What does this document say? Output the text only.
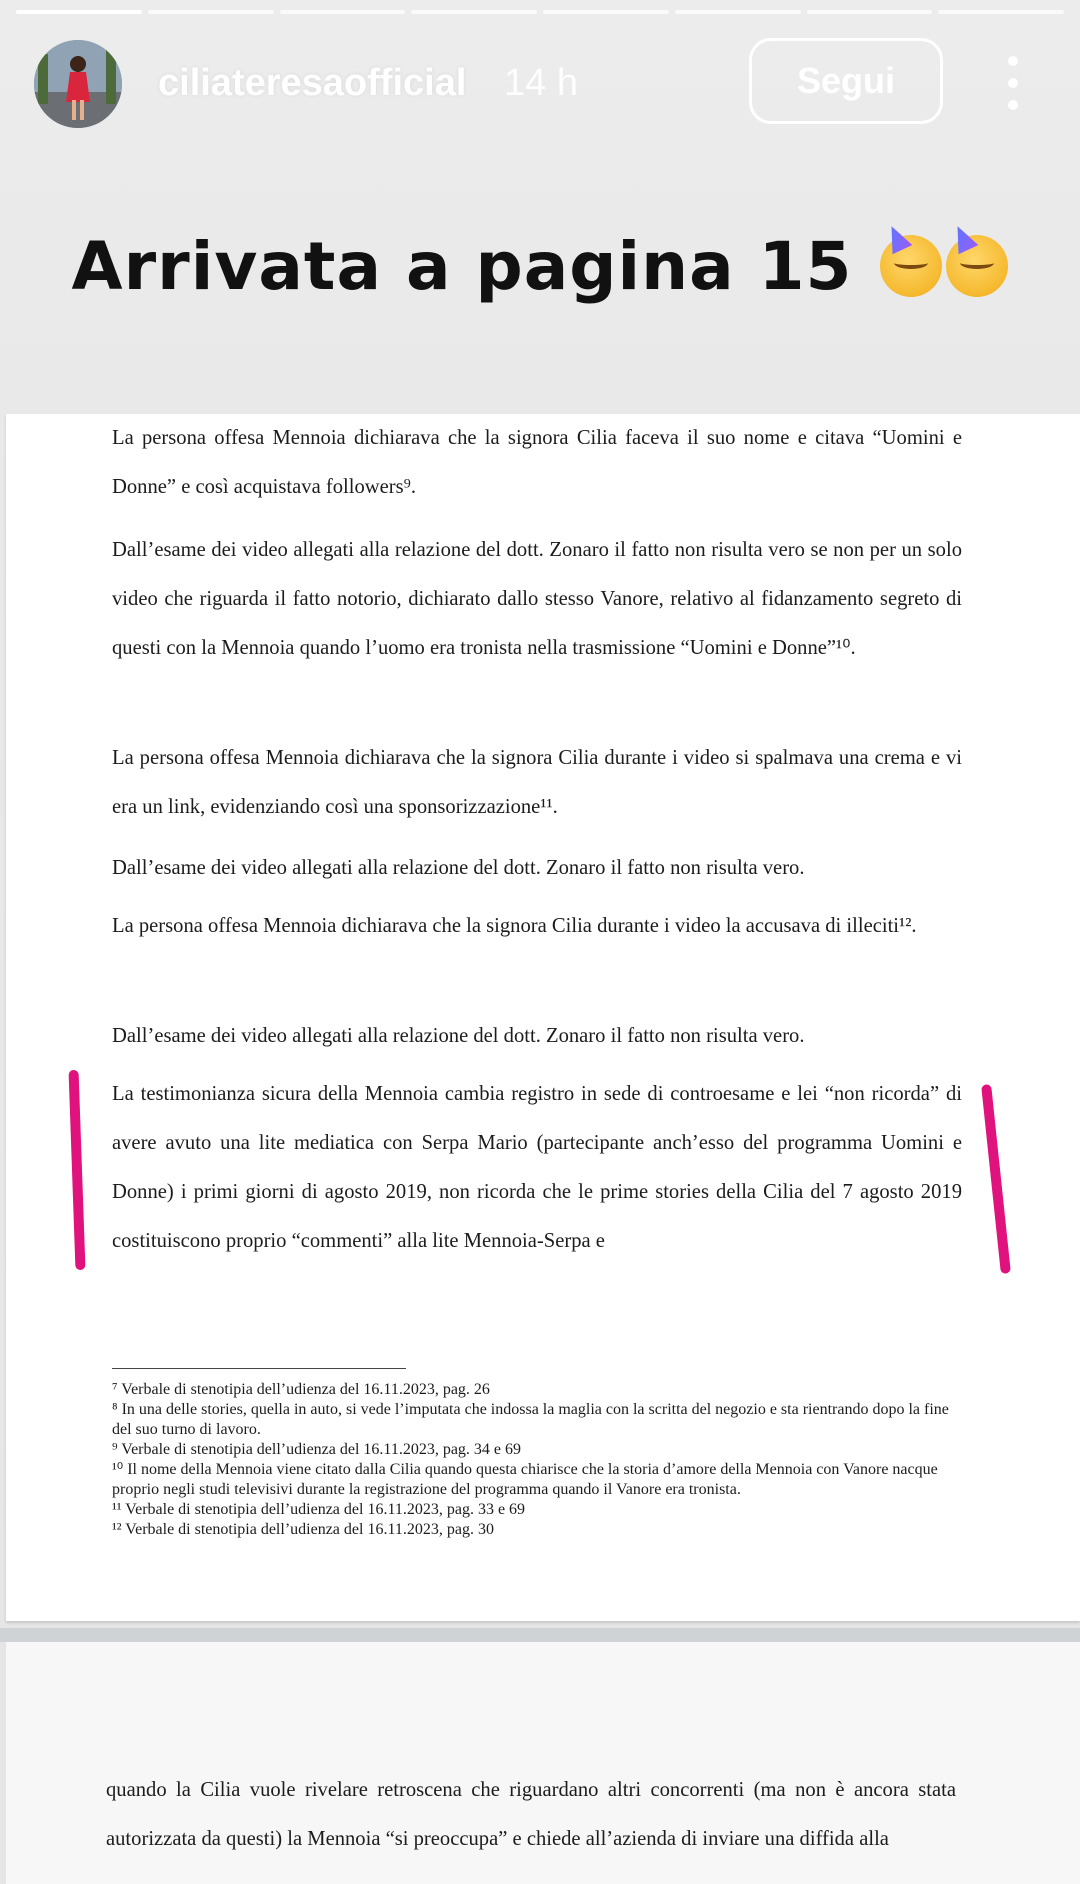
ciliateresaofficial 14 h	Segui
Arrivata a pagina 15
La persona offesa Mennoia dichiarava che la signora Cilia faceva il suo nome e citava “Uomini e Donne” e così acquistava followers⁹.
Dall’esame dei video allegati alla relazione del dott. Zonaro il fatto non risulta vero se non per un solo video che riguarda il fatto notorio, dichiarato dallo stesso Vanore, relativo al fidanzamento segreto di questi con la Mennoia quando l’uomo era tronista nella trasmissione “Uomini e Donne”¹⁰.
La persona offesa Mennoia dichiarava che la signora Cilia durante i video si spalmava una crema e vi era un link, evidenziando così una sponsorizzazione¹¹.
Dall’esame dei video allegati alla relazione del dott. Zonaro il fatto non risulta vero.
La persona offesa Mennoia dichiarava che la signora Cilia durante i video la accusava di illeciti¹².
Dall’esame dei video allegati alla relazione del dott. Zonaro il fatto non risulta vero.
La testimonianza sicura della Mennoia cambia registro in sede di controesame e lei “non ricorda” di avere avuto una lite mediatica con Serpa Mario (partecipante anch’esso del programma Uomini e Donne) i primi giorni di agosto 2019, non ricorda che le prime stories della Cilia del 7 agosto 2019 costituiscono proprio “commenti” alla lite Mennoia-Serpa e
⁷ Verbale di stenotipia dell’udienza del 16.11.2023, pag. 26
⁸ In una delle stories, quella in auto, si vede l’imputata che indossa la maglia con la scritta del negozio e sta rientrando dopo la fine del suo turno di lavoro.
⁹ Verbale di stenotipia dell’udienza del 16.11.2023, pag. 34 e 69
¹⁰ Il nome della Mennoia viene citato dalla Cilia quando questa chiarisce che la storia d’amore della Mennoia con Vanore nacque proprio negli studi televisivi durante la registrazione del programma quando il Vanore era tronista.
¹¹ Verbale di stenotipia dell’udienza del 16.11.2023, pag. 33 e 69
¹² Verbale di stenotipia dell’udienza del 16.11.2023, pag. 30
quando la Cilia vuole rivelare retroscena che riguardano altri concorrenti (ma non è ancora stata autorizzata da questi) la Mennoia “si preoccupa” e chiede all’azienda di inviare una diffida alla
